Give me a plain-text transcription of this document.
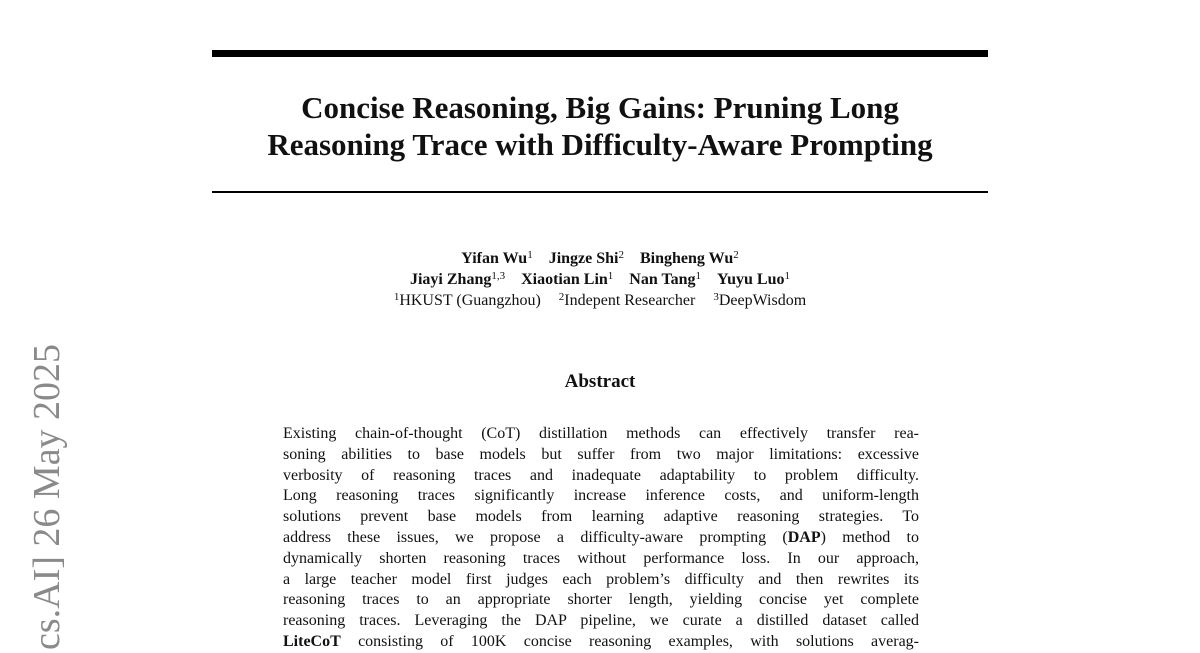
Concise Reasoning, Big Gains: Pruning Long
Reasoning Trace with Difficulty-Aware Prompting
Yifan Wu$^1$ Jingze Shi$^2$ Bingheng Wu$^2$
Jiayi Zhang$^{1,3}$ Xiaotian Lin$^1$ Nan Tang$^1$ Yuyu Luo$^1$
$^1$HKUST (Guangzhou) $^2$Indepent Researcher $^3$DeepWisdom
Abstract
Existing chain-of-thought (CoT) distillation methods can effectively transfer rea-
soning abilities to base models but suffer from two major limitations: excessive
verbosity of reasoning traces and inadequate adaptability to problem difficulty.
Long reasoning traces significantly increase inference costs, and uniform-length
solutions prevent base models from learning adaptive reasoning strategies. To
address these issues, we propose a difficulty-aware prompting (DAP) method to
dynamically shorten reasoning traces without performance loss. In our approach,
a large teacher model first judges each problem’s difficulty and then rewrites its
reasoning traces to an appropriate shorter length, yielding concise yet complete
reasoning traces. Leveraging the DAP pipeline, we curate a distilled dataset called
LiteCoT consisting of 100K concise reasoning examples, with solutions averag-
cs.AI] 26 May 2025
